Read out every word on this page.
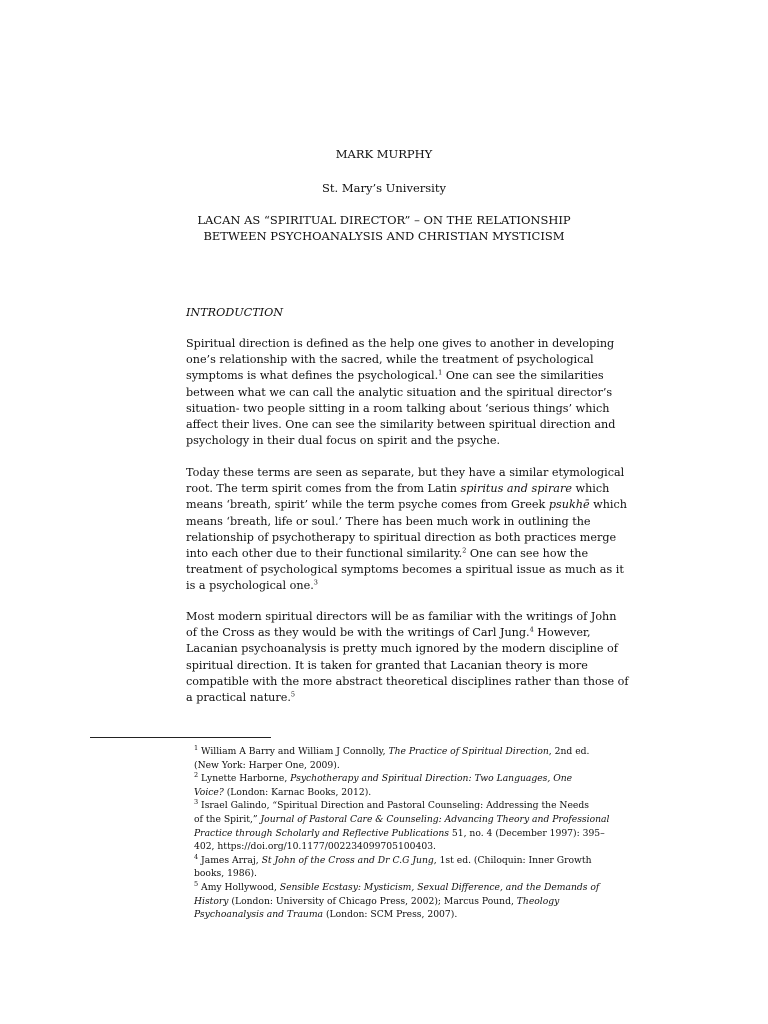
MARK MURPHY
St. Mary’s University
LACAN AS “SPIRITUAL DIRECTOR” – ON THE RELATIONSHIP
BETWEEN PSYCHOANALYSIS AND CHRISTIAN MYSTICISM
INTRODUCTION
Spiritual direction is defined as the help one gives to another in developing
one’s relationship with the sacred, while the treatment of psychological
symptoms is what defines the psychological.$^1$ One can see the similarities
between what we can call the analytic situation and the spiritual director’s
situation- two people sitting in a room talking about ‘serious things’ which
affect their lives. One can see the similarity between spiritual direction and
psychology in their dual focus on spirit and the psyche.
Today these terms are seen as separate, but they have a similar etymological
root. The term spirit comes from the from Latin spiritus and spirare which
means ‘breath, spirit’ while the term psyche comes from Greek psukhē which
means ‘breath, life or soul.’ There has been much work in outlining the
relationship of psychotherapy to spiritual direction as both practices merge
into each other due to their functional similarity.$^2$ One can see how the
treatment of psychological symptoms becomes a spiritual issue as much as it
is a psychological one.$^3$
Most modern spiritual directors will be as familiar with the writings of John
of the Cross as they would be with the writings of Carl Jung.$^4$ However,
Lacanian psychoanalysis is pretty much ignored by the modern discipline of
spiritual direction. It is taken for granted that Lacanian theory is more
compatible with the more abstract theoretical disciplines rather than those of
a practical nature.$^5$
$^1$ William A Barry and William J Connolly, The Practice of Spiritual Direction, 2nd ed.
(New York: Harper One, 2009).
$^2$ Lynette Harborne, Psychotherapy and Spiritual Direction: Two Languages, One
Voice? (London: Karnac Books, 2012).
$^3$ Israel Galindo, “Spiritual Direction and Pastoral Counseling: Addressing the Needs
of the Spirit,” Journal of Pastoral Care & Counseling: Advancing Theory and Professional
Practice through Scholarly and Reflective Publications 51, no. 4 (December 1997): 395–
402, https://doi.org/10.1177/002234099705100403.
$^4$ James Arraj, St John of the Cross and Dr C.G Jung, 1st ed. (Chiloquin: Inner Growth
books, 1986).
$^5$ Amy Hollywood, Sensible Ecstasy: Mysticism, Sexual Difference, and the Demands of
History (London: University of Chicago Press, 2002); Marcus Pound, Theology
Psychoanalysis and Trauma (London: SCM Press, 2007).
